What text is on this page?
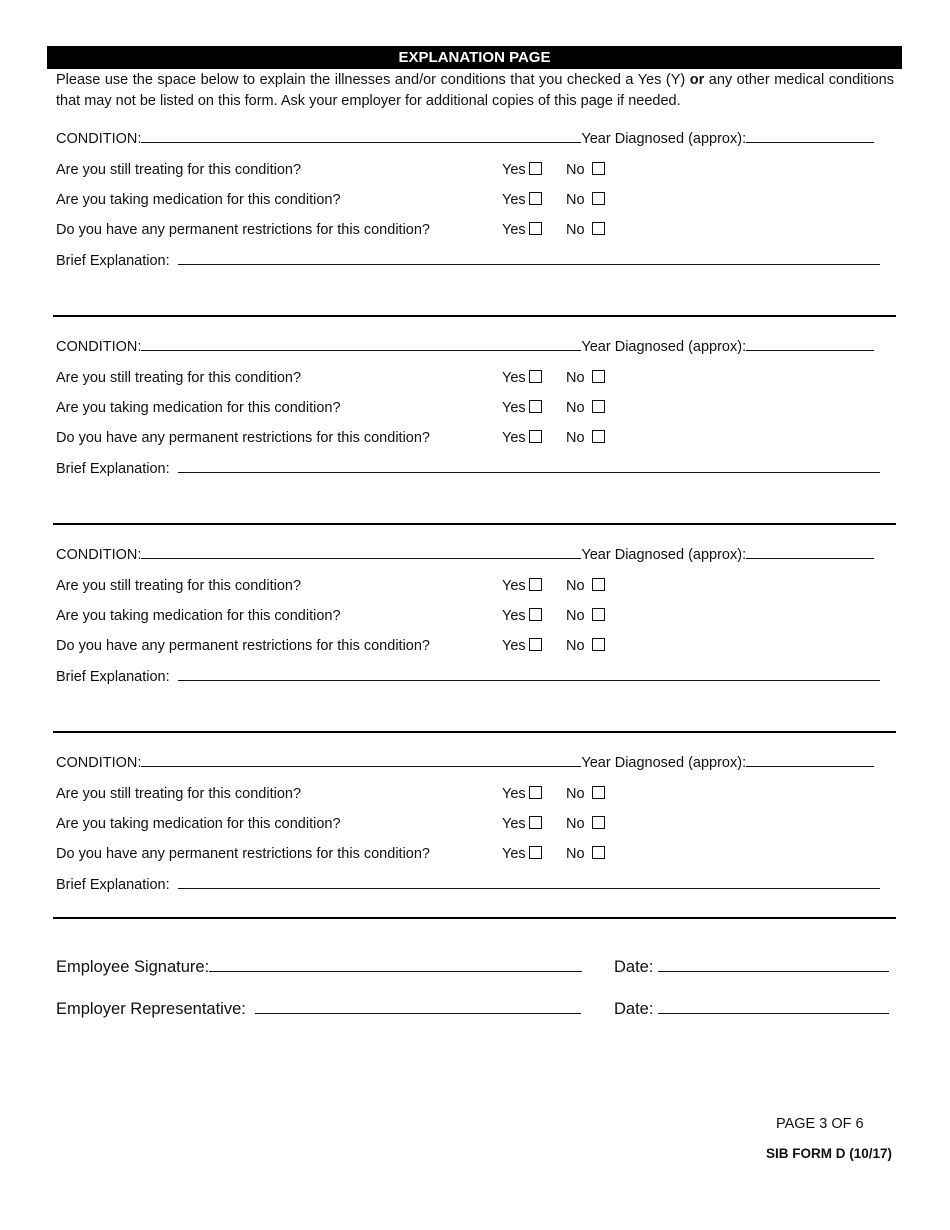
EXPLANATION PAGE
Please use the space below to explain the illnesses and/or conditions that you checked a Yes (Y) or any other medical conditions that may not be listed on this form. Ask your employer for additional copies of this page if needed.
CONDITION:	Year Diagnosed (approx):
Are you still treating for this condition?	Yes	No
Are you taking medication for this condition?	Yes	No
Do you have any permanent restrictions for this condition?	Yes	No
Brief Explanation:
CONDITION:	Year Diagnosed (approx):
Are you still treating for this condition?	Yes	No
Are you taking medication for this condition?	Yes	No
Do you have any permanent restrictions for this condition?	Yes	No
Brief Explanation:
CONDITION:	Year Diagnosed (approx):
Are you still treating for this condition?	Yes	No
Are you taking medication for this condition?	Yes	No
Do you have any permanent restrictions for this condition?	Yes	No
Brief Explanation:
CONDITION:	Year Diagnosed (approx):
Are you still treating for this condition?	Yes	No
Are you taking medication for this condition?	Yes	No
Do you have any permanent restrictions for this condition?	Yes	No
Brief Explanation:
Employee Signature:	Date:
Employer Representative:	Date:
PAGE 3 OF 6
SIB FORM D (10/17)
